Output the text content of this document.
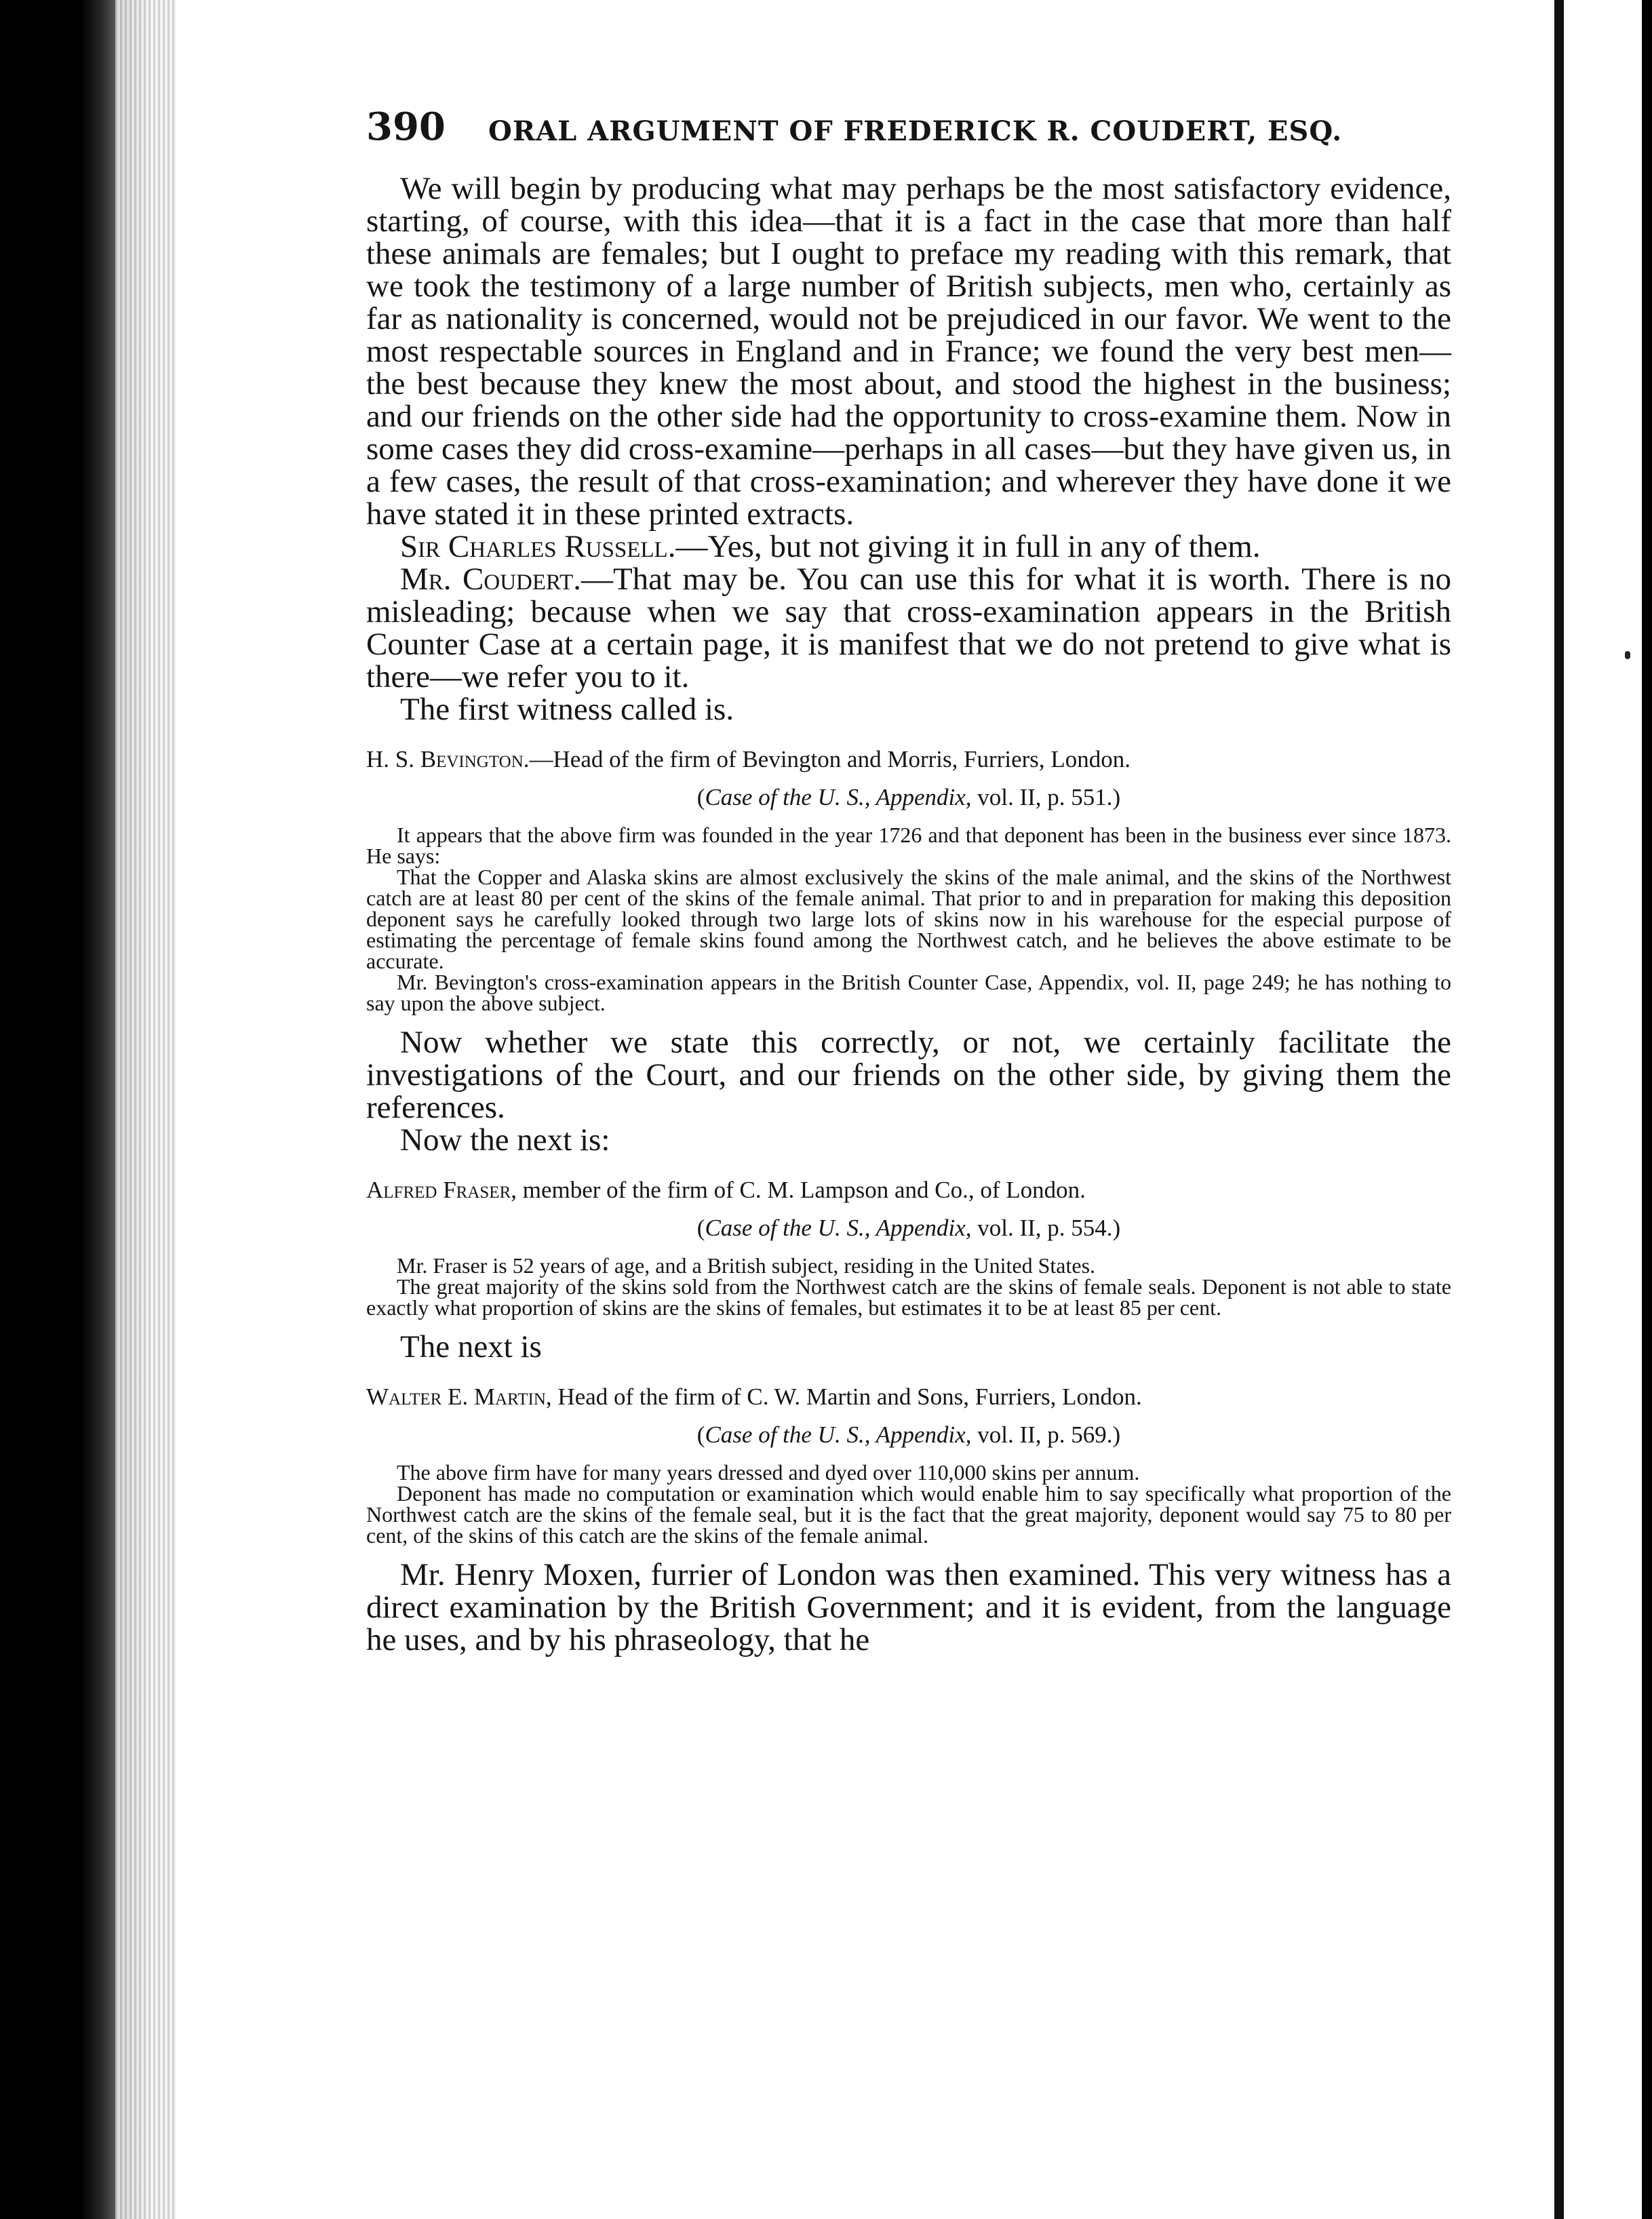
390 ORAL ARGUMENT OF FREDERICK R. COUDERT, ESQ.

We will begin by producing what may perhaps be the most satisfactory evidence, starting, of course, with this idea—that it is a fact in the case that more than half these animals are females; but I ought to preface my reading with this remark, that we took the testimony of a large number of British subjects, men who, certainly as far as nationality is concerned, would not be prejudiced in our favor. We went to the most respectable sources in England and in France; we found the very best men—the best because they knew the most about, and stood the highest in the business; and our friends on the other side had the opportunity to cross-examine them. Now in some cases they did cross-examine—perhaps in all cases—but they have given us, in a few cases, the result of that cross-examination; and wherever they have done it we have stated it in these printed extracts.

Sir Charles Russell.—Yes, but not giving it in full in any of them.

Mr. Coudert.—That may be. You can use this for what it is worth. There is no misleading; because when we say that cross-examination appears in the British Counter Case at a certain page, it is manifest that we do not pretend to give what is there—we refer you to it.

The first witness called is.

H. S. Bevington.—Head of the firm of Bevington and Morris, Furriers, London.
(Case of the U. S., Appendix, vol. II, p. 551.)

It appears that the above firm was founded in the year 1726 and that deponent has been in the business ever since 1873. He says:

That the Copper and Alaska skins are almost exclusively the skins of the male animal, and the skins of the Northwest catch are at least 80 per cent of the skins of the female animal. That prior to and in preparation for making this deposition deponent says he carefully looked through two large lots of skins now in his warehouse for the especial purpose of estimating the percentage of female skins found among the Northwest catch, and he believes the above estimate to be accurate.

Mr. Bevington's cross-examination appears in the British Counter Case, Appendix, vol. II, page 249; he has nothing to say upon the above subject.

Now whether we state this correctly, or not, we certainly facilitate the investigations of the Court, and our friends on the other side, by giving them the references.

Now the next is:

Alfred Fraser, member of the firm of C. M. Lampson and Co., of London.
(Case of the U. S., Appendix, vol. II, p. 554.)

Mr. Fraser is 52 years of age, and a British subject, residing in the United States.

The great majority of the skins sold from the Northwest catch are the skins of female seals. Deponent is not able to state exactly what proportion of skins are the skins of females, but estimates it to be at least 85 per cent.

The next is

Walter E. Martin, Head of the firm of C. W. Martin and Sons, Furriers, London.
(Case of the U. S., Appendix, vol. II, p. 569.)

The above firm have for many years dressed and dyed over 110,000 skins per annum.

Deponent has made no computation or examination which would enable him to say specifically what proportion of the Northwest catch are the skins of the female seal, but it is the fact that the great majority, deponent would say 75 to 80 per cent, of the skins of this catch are the skins of the female animal.

Mr. Henry Moxen, furrier of London was then examined. This very witness has a direct examination by the British Government; and it is evident, from the language he uses, and by his phraseology, that he
